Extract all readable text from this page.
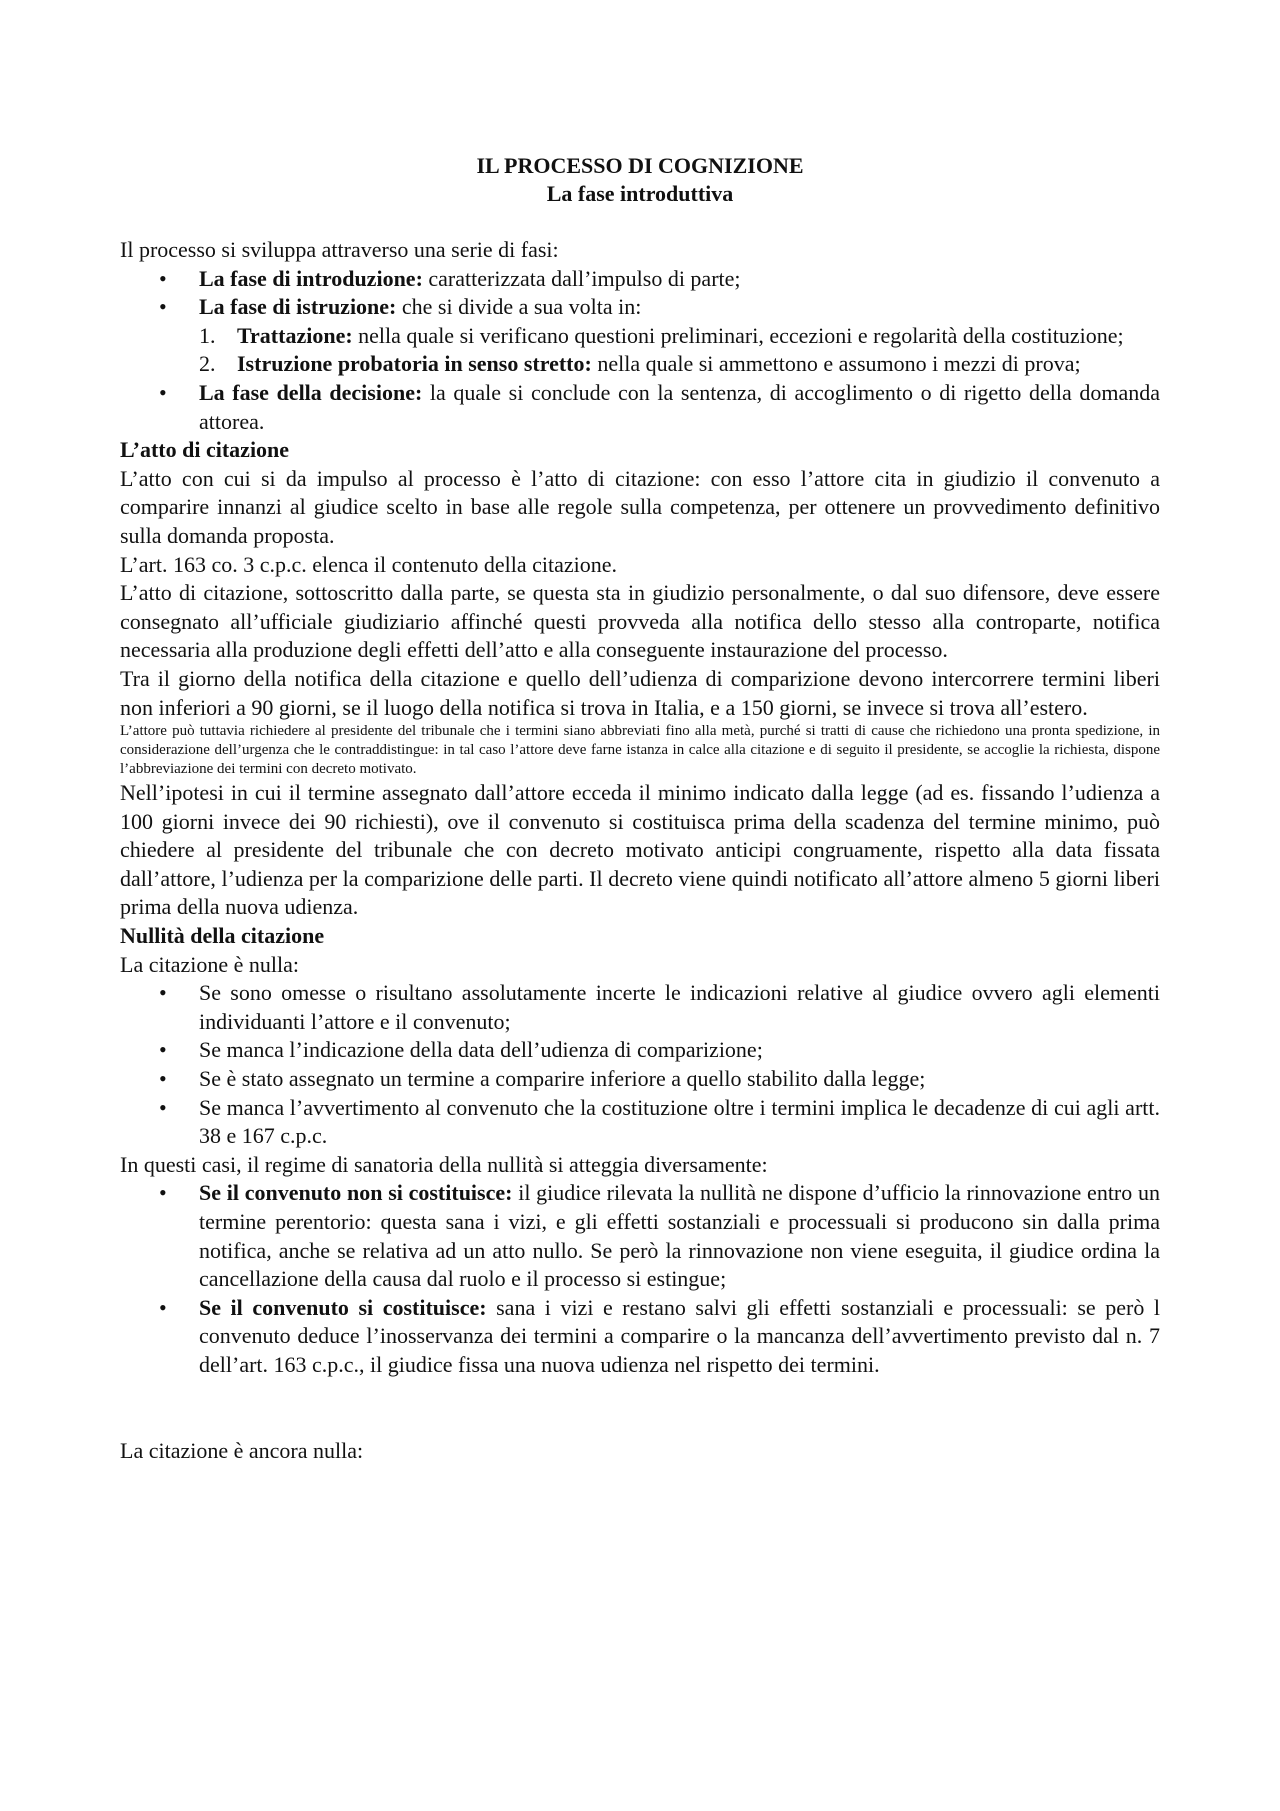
IL PROCESSO DI COGNIZIONE
La fase introduttiva

Il processo si sviluppa attraverso una serie di fasi:

• La fase di introduzione: caratterizzata dall’impulso di parte;
• La fase di istruzione: che si divide a sua volta in:
1. Trattazione: nella quale si verificano questioni preliminari, eccezioni e regolarità della costituzione;
2. Istruzione probatoria in senso stretto: nella quale si ammettono e assumono i mezzi di prova;
• La fase della decisione: la quale si conclude con la sentenza, di accoglimento o di rigetto della domanda attorea.

L’atto di citazione

L’atto con cui si da impulso al processo è l’atto di citazione: con esso l’attore cita in giudizio il convenuto a comparire innanzi al giudice scelto in base alle regole sulla competenza, per ottenere un provvedimento definitivo sulla domanda proposta.

L’art. 163 co. 3 c.p.c. elenca il contenuto della citazione.

L’atto di citazione, sottoscritto dalla parte, se questa sta in giudizio personalmente, o dal suo difensore, deve essere consegnato all’ufficiale giudiziario affinché questi provveda alla notifica dello stesso alla controparte, notifica necessaria alla produzione degli effetti dell’atto e alla conseguente instaurazione del processo.

Tra il giorno della notifica della citazione e quello dell’udienza di comparizione devono intercorrere termini liberi non inferiori a 90 giorni, se il luogo della notifica si trova in Italia, e a 150 giorni, se invece si trova all’estero.

L’attore può tuttavia richiedere al presidente del tribunale che i termini siano abbreviati fino alla metà, purché si tratti di cause che richiedono una pronta spedizione, in considerazione dell’urgenza che le contraddistingue: in tal caso l’attore deve farne istanza in calce alla citazione e di seguito il presidente, se accoglie la richiesta, dispone l’abbreviazione dei termini con decreto motivato.

Nell’ipotesi in cui il termine assegnato dall’attore ecceda il minimo indicato dalla legge (ad es. fissando l’udienza a 100 giorni invece dei 90 richiesti), ove il convenuto si costituisca prima della scadenza del termine minimo, può chiedere al presidente del tribunale che con decreto motivato anticipi congruamente, rispetto alla data fissata dall’attore, l’udienza per la comparizione delle parti. Il decreto viene quindi notificato all’attore almeno 5 giorni liberi prima della nuova udienza.

Nullità della citazione

La citazione è nulla:

• Se sono omesse o risultano assolutamente incerte le indicazioni relative al giudice ovvero agli elementi individuanti l’attore e il convenuto;
• Se manca l’indicazione della data dell’udienza di comparizione;
• Se è stato assegnato un termine a comparire inferiore a quello stabilito dalla legge;
• Se manca l’avvertimento al convenuto che la costituzione oltre i termini implica le decadenze di cui agli artt. 38 e 167 c.p.c.

In questi casi, il regime di sanatoria della nullità si atteggia diversamente:

• Se il convenuto non si costituisce: il giudice rilevata la nullità ne dispone d’ufficio la rinnovazione entro un termine perentorio: questa sana i vizi, e gli effetti sostanziali e processuali si producono sin dalla prima notifica, anche se relativa ad un atto nullo. Se però la rinnovazione non viene eseguita, il giudice ordina la cancellazione della causa dal ruolo e il processo si estingue;
• Se il convenuto si costituisce: sana i vizi e restano salvi gli effetti sostanziali e processuali: se però l convenuto deduce l’inosservanza dei termini a comparire o la mancanza dell’avvertimento previsto dal n. 7 dell’art. 163 c.p.c., il giudice fissa una nuova udienza nel rispetto dei termini.

La citazione è ancora nulla:
